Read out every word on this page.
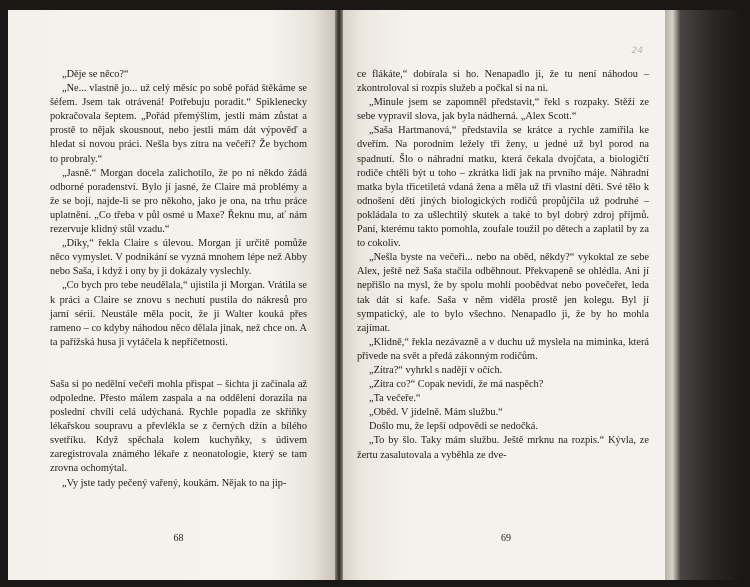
„Děje se něco?“

„Ne... vlastně jo... už celý měsíc po sobě pořád štěkáme se šéfem. Jsem tak otrávená! Potřebuju poradit.“ Spiklenecky pokračovala šeptem. „Pořád přemýšlím, jestli mám zůstat a prostě to nějak skousnout, nebo jestli mám dát výpověď a hledat si novou práci. Nešla bys zítra na večeři? Že bychom to probraly.“

„Jasně.“ Morgan docela zalichotilo, že po ní někdo žádá odborné poradenství. Bylo jí jasné, že Claire má problémy a že se bojí, najde-li se pro někoho, jako je ona, na trhu práce uplatnění. „Co třeba v půl osmé u Maxe? Řeknu mu, ať nám rezervuje klidný stůl vzadu.“

„Díky,“ řekla Claire s úlevou. Morgan jí určitě pomůže něco vymyslet. V podnikání se vyzná mnohem lépe než Abby nebo Saša, i když i ony by ji dokázaly vyslechly.

„Co bych pro tebe neudělala,“ ujistila ji Morgan. Vrátila se k práci a Claire se znovu s nechutí pustila do nákresů pro jarní sérii. Neustále měla pocit, že ji Walter kouká přes rameno – co kdyby náhodou něco dělala jinak, než chce on. A ta pařížská husa ji vytáčela k nepříčetnosti.

Saša si po nedělní večeři mohla přispat – šichta jí začínala až odpoledne. Přesto málem zaspala a na oddělení dorazila na poslední chvíli celá udýchaná. Rychle popadla ze skříňky lékařskou soupravu a převlékla se z černých džín a bílého svetříku. Když spěchala kolem kuchyňky, s údivem zaregistrovala známého lékaře z neonatologie, který se tam zrovna ochomýtal.

„Vy jste tady pečený vařený, koukám. Nějak to na jip-

68
24

ce flákáte,“ dobírala si ho. Nenapadlo ji, že tu není náhodou – zkontroloval si rozpis služeb a počkal si na ni.

„Minule jsem se zapomněl představit,“ řekl s rozpaky. Stěží ze sebe vypravil slova, jak byla nádherná. „Alex Scott.“

„Saša Hartmanová,“ představila se krátce a rychle zamířila ke dveřím. Na porodním ležely tři ženy, u jedné už byl porod na spadnutí. Šlo o náhradní matku, která čekala dvojčata, a biologičtí rodiče chtěli být u toho – zkrátka lidí jak na prvního máje. Náhradní matka byla třicetiletá vdaná žena a měla už tři vlastní děti. Své těło k odnošení dětí jiných biologických rodičů propůjčila už podruhé – pokládala to za ušlechtilý skutek a také to byl dobrý zdroj příjmů. Paní, kterému takto pomohla, zoufale toužil po dětech a zaplatil by za to cokoliv.

„Nešla byste na večeři... nebo na oběd, někdy?“ vykoktal ze sebe Alex, ještě než Saša stačila odběhnout. Překvapeně se ohlédla. Ani jí nepřišlo na mysl, že by spolu mohli poobědvat nebo povečeřet, leda tak dát si kafe. Saša v něm viděla prostě jen kolegu. Byl jí sympatický, ale to bylo všechno. Nenapadlo ji, že by ho mohla zajímat.

„Klidně,“ řekla nezávazně a v duchu už myslela na miminka, která přivede na svět a předá zákonným rodičům.

„Zítra?“ vyhrkl s nadějí v očích.

„Zítra co?“ Copak nevidí, že má naspěch?

„Ta večeře.“

„Oběd. V jídelně. Mám službu.“

Došlo mu, že lepší odpovědi se nedočká.

„To by šlo. Taky mám službu. Ještě mrknu na rozpis.“ Kývla, ze žertu zasalutovala a vyběhla ze dve-

69
